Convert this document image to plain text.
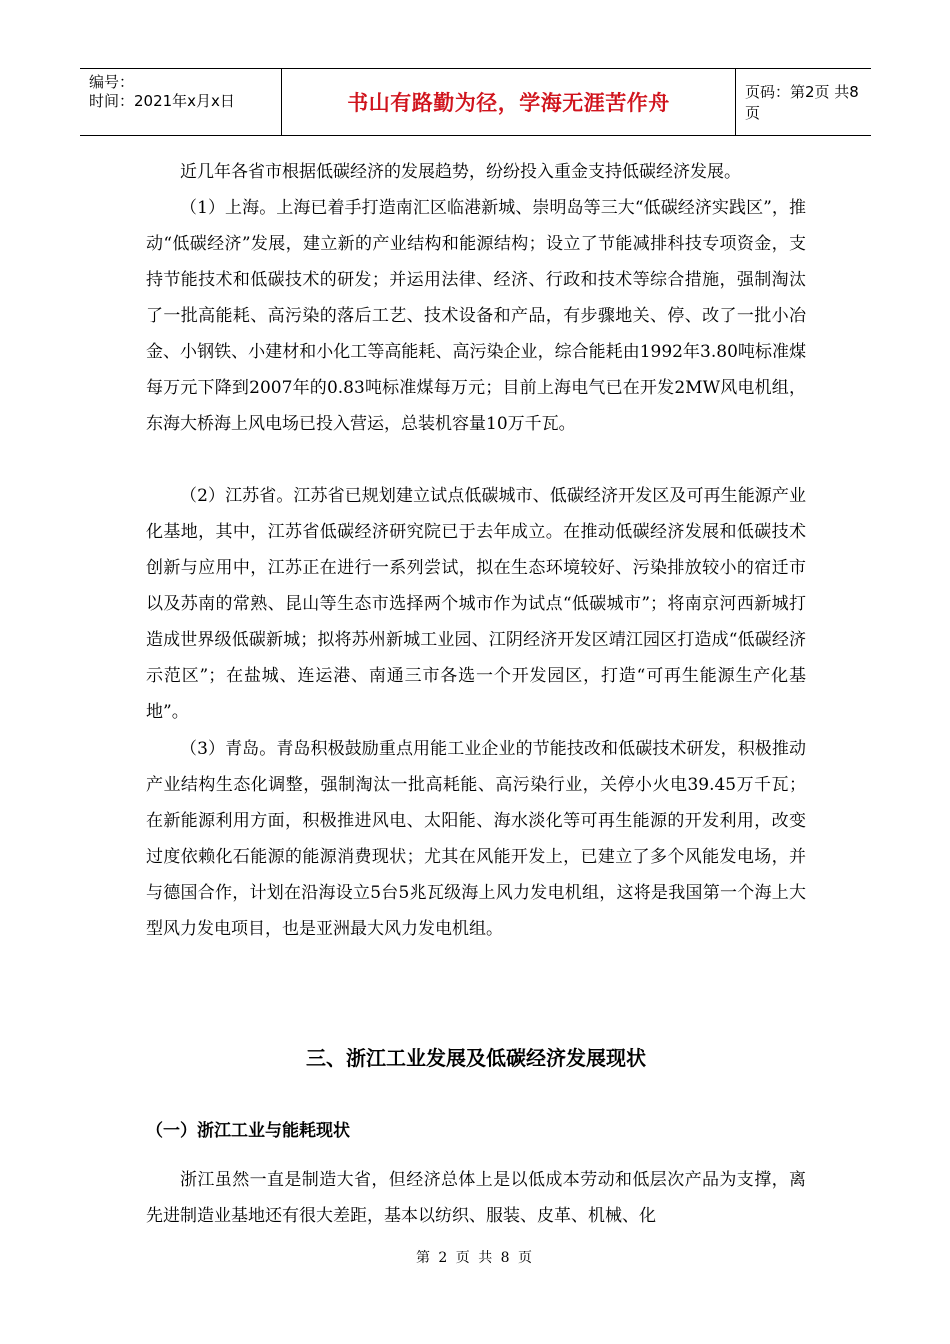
编号：
时间：2021年x月x日	书山有路勤为径，学海无涯苦作舟	页码：第2页 共8页

近几年各省市根据低碳经济的发展趋势，纷纷投入重金支持低碳经济发展。

（1）上海。上海已着手打造南汇区临港新城、崇明岛等三大“低碳经济实践区”，推动“低碳经济”发展，建立新的产业结构和能源结构；设立了节能减排科技专项资金，支持节能技术和低碳技术的研发；并运用法律、经济、行政和技术等综合措施，强制淘汰了一批高能耗、高污染的落后工艺、技术设备和产品，有步骤地关、停、改了一批小冶金、小钢铁、小建材和小化工等高能耗、高污染企业，综合能耗由1992年3.80吨标准煤每万元下降到2007年的0.83吨标准煤每万元；目前上海电气已在开发2MW风电机组，东海大桥海上风电场已投入营运，总装机容量10万千瓦。

（2）江苏省。江苏省已规划建立试点低碳城市、低碳经济开发区及可再生能源产业化基地，其中，江苏省低碳经济研究院已于去年成立。在推动低碳经济发展和低碳技术创新与应用中，江苏正在进行一系列尝试，拟在生态环境较好、污染排放较小的宿迁市以及苏南的常熟、昆山等生态市选择两个城市作为试点“低碳城市”；将南京河西新城打造成世界级低碳新城；拟将苏州新城工业园、江阴经济开发区靖江园区打造成“低碳经济示范区”；在盐城、连运港、南通三市各选一个开发园区，打造“可再生能源生产化基地”。

（3）青岛。青岛积极鼓励重点用能工业企业的节能技改和低碳技术研发，积极推动产业结构生态化调整，强制淘汰一批高耗能、高污染行业，关停小火电39.45万千瓦；在新能源利用方面，积极推进风电、太阳能、海水淡化等可再生能源的开发利用，改变过度依赖化石能源的能源消费现状；尤其在风能开发上，已建立了多个风能发电场，并与德国合作，计划在沿海设立5台5兆瓦级海上风力发电机组，这将是我国第一个海上大型风力发电项目，也是亚洲最大风力发电机组。

三、浙江工业发展及低碳经济发展现状
（一）浙江工业与能耗现状

浙江虽然一直是制造大省，但经济总体上是以低成本劳动和低层次产品为支撑，离先进制造业基地还有很大差距，基本以纺织、服装、皮革、机械、化

第 2 页 共 8 页
